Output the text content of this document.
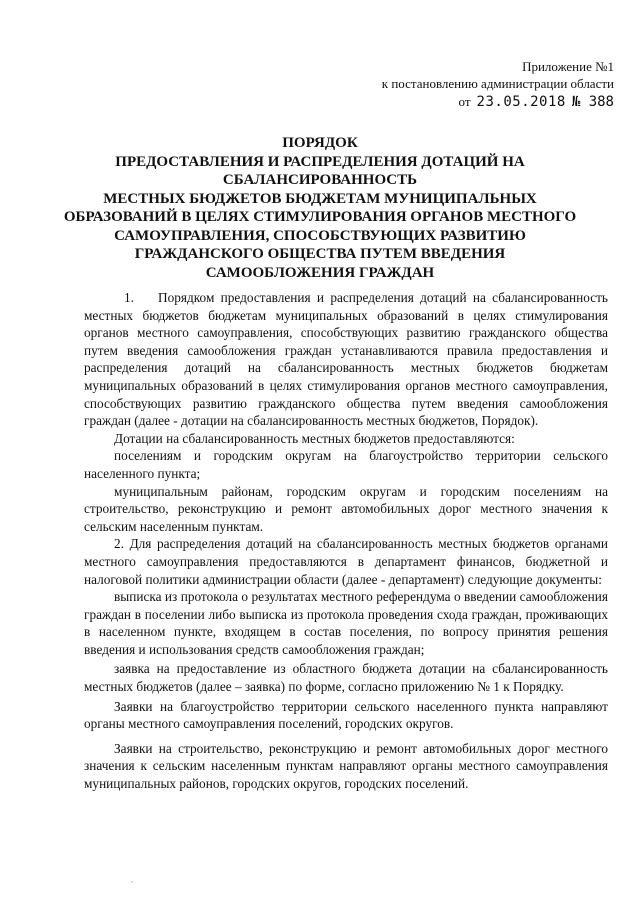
Приложение №1
к постановлению администрации области
от 23.05.2018 № 388
ПОРЯДОК
ПРЕДОСТАВЛЕНИЯ И РАСПРЕДЕЛЕНИЯ ДОТАЦИЙ НА
СБАЛАНСИРОВАННОСТЬ
МЕСТНЫХ БЮДЖЕТОВ БЮДЖЕТАМ МУНИЦИПАЛЬНЫХ
ОБРАЗОВАНИЙ В ЦЕЛЯХ СТИМУЛИРОВАНИЯ ОРГАНОВ МЕСТНОГО
САМОУПРАВЛЕНИЯ, СПОСОБСТВУЮЩИХ РАЗВИТИЮ
ГРАЖДАНСКОГО ОБЩЕСТВА ПУТЕМ ВВЕДЕНИЯ
САМООБЛОЖЕНИЯ ГРАЖДАН

1. Порядком предоставления и распределения дотаций на сбалансированность местных бюджетов бюджетам муниципальных образований в целях стимулирования органов местного самоуправления, способствующих развитию гражданского общества путем введения самообложения граждан устанавливаются правила предоставления и распределения дотаций на сбалансированность местных бюджетов бюджетам муниципальных образований в целях стимулирования органов местного самоуправления, способствующих развитию гражданского общества путем введения самообложения граждан (далее - дотации на сбалансированность местных бюджетов, Порядок).

Дотации на сбалансированность местных бюджетов предоставляются:

поселениям и городским округам на благоустройство территории сельского населенного пункта;

муниципальным районам, городским округам и городским поселениям на строительство, реконструкцию и ремонт автомобильных дорог местного значения к сельским населенным пунктам.

2. Для распределения дотаций на сбалансированность местных бюджетов органами местного самоуправления предоставляются в департамент финансов, бюджетной и налоговой политики администрации области (далее - департамент) следующие документы:

выписка из протокола о результатах местного референдума о введении самообложения граждан в поселении либо выписка из протокола проведения схода граждан, проживающих в населенном пункте, входящем в состав поселения, по вопросу принятия решения введения и использования средств самообложения граждан;

заявка на предоставление из областного бюджета дотации на сбалансированность местных бюджетов (далее – заявка) по форме, согласно приложению № 1 к Порядку.

Заявки на благоустройство территории сельского населенного пункта направляют органы местного самоуправления поселений, городских округов.

Заявки на строительство, реконструкцию и ремонт автомобильных дорог местного значения к сельским населенным пунктам направляют органы местного самоуправления муниципальных районов, городских округов, городских поселений.
